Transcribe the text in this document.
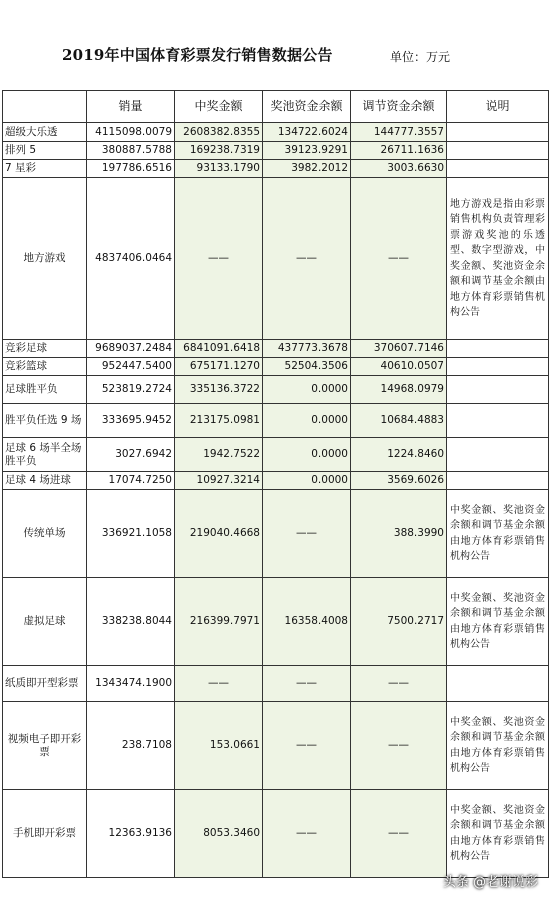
2019年中国体育彩票发行销售数据公告	单位：万元
	销量	中奖金额	奖池资金余额	调节资金余额	说明
超级大乐透	4115098.0079	2608382.8355	134722.6024	144777.3557	
排列 5	380887.5788	169238.7319	39123.9291	26711.1636	
7 星彩	197786.6516	93133.1790	3982.2012	3003.6630	
地方游戏	4837406.0464	——	——	——	地方游戏是指由彩票销售机构负责管理彩票游戏奖池的乐透型、数字型游戏，中奖金额、奖池资金余额和调节基金余额由地方体育彩票销售机构公告
竞彩足球	9689037.2484	6841091.6418	437773.3678	370607.7146	
竞彩篮球	952447.5400	675171.1270	52504.3506	40610.0507	
足球胜平负	523819.2724	335136.3722	0.0000	14968.0979	
胜平负任选 9 场	333695.9452	213175.0981	0.0000	10684.4883	
足球 6 场半全场胜平负	3027.6942	1942.7522	0.0000	1224.8460	
足球 4 场进球	17074.7250	10927.3214	0.0000	3569.6026	
传统单场	336921.1058	219040.4668	——	388.3990	中奖金额、奖池资金余额和调节基金余额由地方体育彩票销售机构公告
虚拟足球	338238.8044	216399.7971	16358.4008	7500.2717	中奖金额、奖池资金余额和调节基金余额由地方体育彩票销售机构公告
纸质即开型彩票	1343474.1900	——	——	——	
视频电子即开彩票	238.7108	153.0661	——	——	中奖金额、奖池资金余额和调节基金余额由地方体育彩票销售机构公告
手机即开彩票	12363.9136	8053.3460	——	——	中奖金额、奖池资金余额和调节基金余额由地方体育彩票销售机构公告
头条 @老谢说彩
